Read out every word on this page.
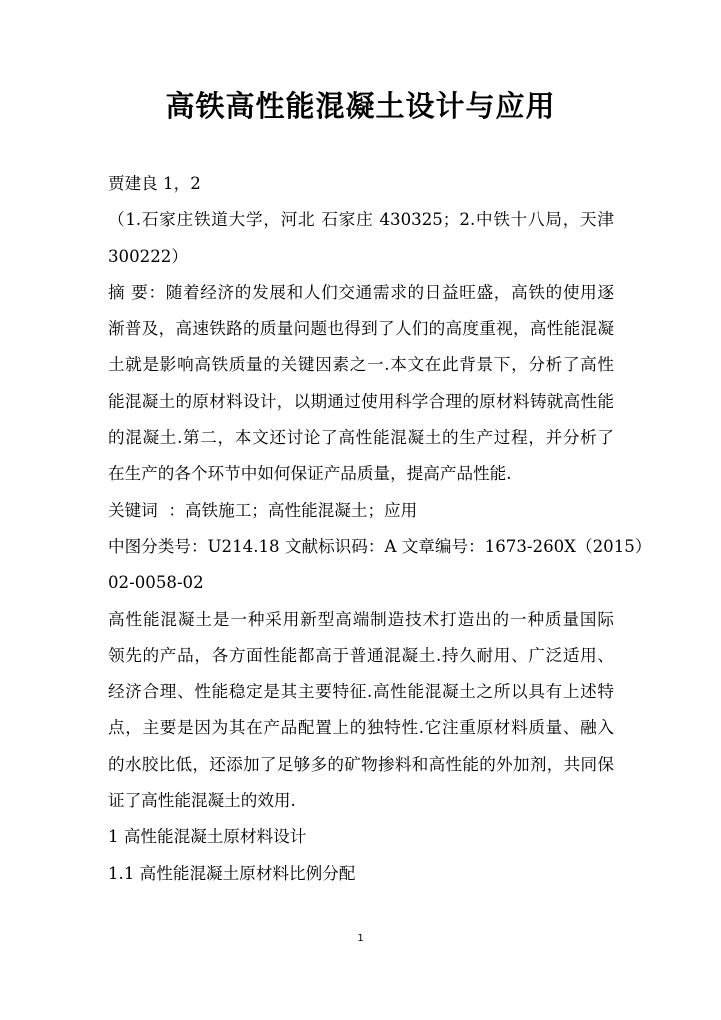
高铁高性能混凝土设计与应用
贾建良 1，2
（1.石家庄铁道大学，河北 石家庄 430325；2.中铁十八局，天津
300222）
摘 要：随着经济的发展和人们交通需求的日益旺盛，高铁的使用逐
渐普及，高速铁路的质量问题也得到了人们的高度重视，高性能混凝
土就是影响高铁质量的关键因素之一.本文在此背景下，分析了高性
能混凝土的原材料设计，以期通过使用科学合理的原材料铸就高性能
的混凝土.第二，本文还讨论了高性能混凝土的生产过程，并分析了
在生产的各个环节中如何保证产品质量，提高产品性能.
关键词  ：高铁施工；高性能混凝土；应用
中图分类号：U214.18 文献标识码：A 文章编号：1673-260X（2015）
02-0058-02
高性能混凝土是一种采用新型高端制造技术打造出的一种质量国际
领先的产品，各方面性能都高于普通混凝土.持久耐用、广泛适用、
经济合理、性能稳定是其主要特征.高性能混凝土之所以具有上述特
点，主要是因为其在产品配置上的独特性.它注重原材料质量、融入
的水胶比低，还添加了足够多的矿物掺料和高性能的外加剂，共同保
证了高性能混凝土的效用.
1 高性能混凝土原材料设计
1.1 高性能混凝土原材料比例分配
1
